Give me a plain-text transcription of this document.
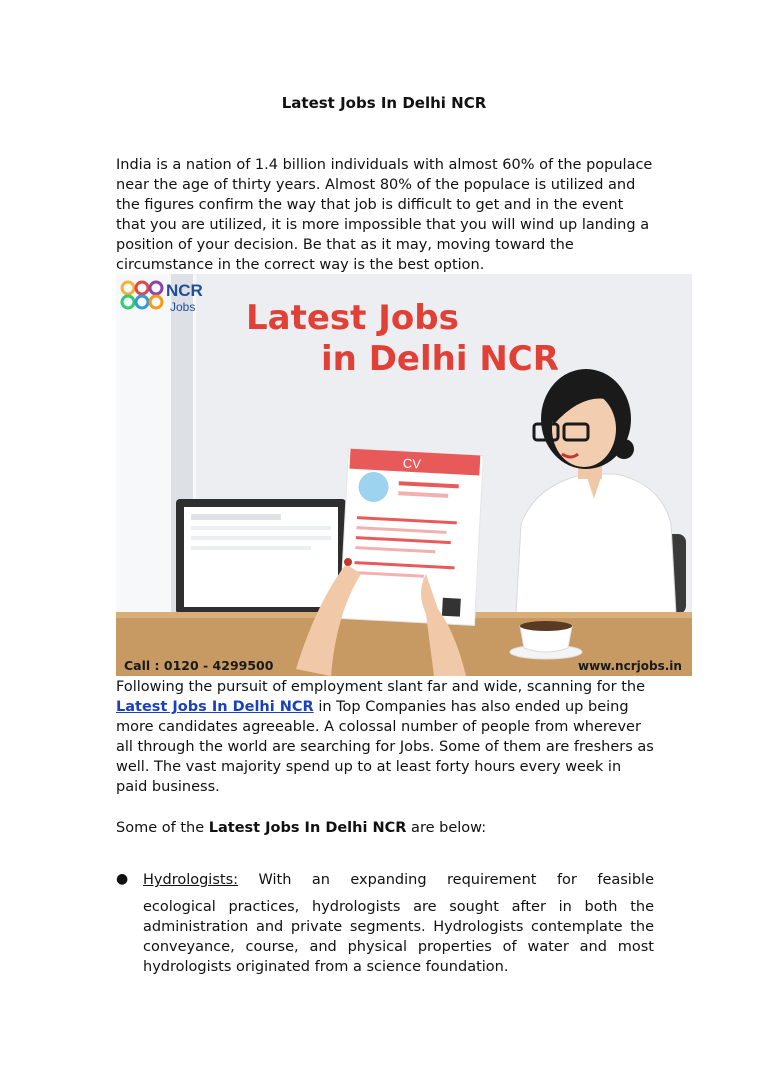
Latest Jobs In Delhi NCR

India is a nation of 1.4 billion individuals with almost 60% of the populace near the age of thirty years. Almost 80% of the populace is utilized and the figures confirm the way that job is difficult to get and in the event that you are utilized, it is more impossible that you will wind up landing a position of your decision. Be that as it may, moving toward the circumstance in the correct way is the best option.

NCR
Jobs Latest Jobs
in Delhi NCR
CV
Call : 0120 - 4299500	www.ncrjobs.in

Following the pursuit of employment slant far and wide, scanning for the Latest Jobs In Delhi NCR in Top Companies has also ended up being more candidates agreeable. A colossal number of people from wherever all through the world are searching for Jobs. Some of them are freshers as well. The vast majority spend up to at least forty hours every week in paid business.

Some of the Latest Jobs In Delhi NCR are below:

● Hydrologists: With an expanding requirement for feasible
ecological practices, hydrologists are sought after in both the administration and private segments. Hydrologists contemplate the conveyance, course, and physical properties of water and most hydrologists originated from a science foundation.
